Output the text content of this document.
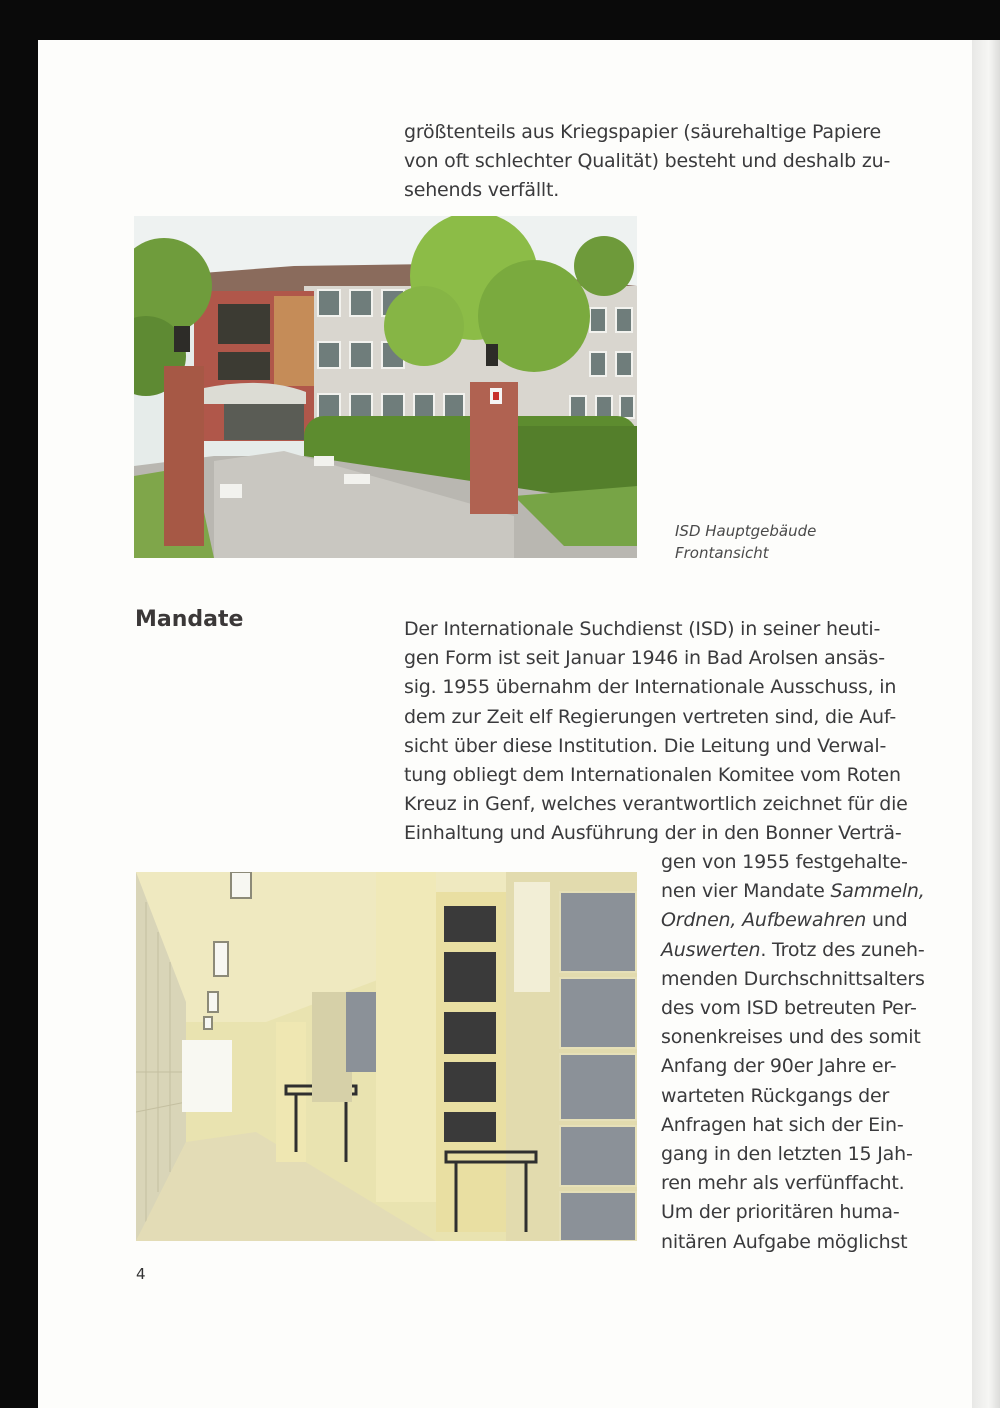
größtenteils aus Kriegspapier (säurehaltige Papiere
von oft schlechter Qualität) besteht und deshalb zu-
sehends verfällt.
ISD Hauptgebäude
Frontansicht
Mandate	Der Internationale Suchdienst (ISD) in seiner heuti-
gen Form ist seit Januar 1946 in Bad Arolsen ansäs-
sig. 1955 übernahm der Internationale Ausschuss, in
dem zur Zeit elf Regierungen vertreten sind, die Auf-
sicht über diese Institution. Die Leitung und Verwal-
tung obliegt dem Internationalen Komitee vom Roten
Kreuz in Genf, welches verantwortlich zeichnet für die
Einhaltung und Ausführung der in den Bonner Verträ-
gen von 1955 festgehalte-
nen vier Mandate Sammeln,
Ordnen, Aufbewahren und
Auswerten. Trotz des zuneh-
menden Durchschnittsalters
des vom ISD betreuten Per-
sonenkreises und des somit
Anfang der 90er Jahre er-
warteten Rückgangs der
Anfragen hat sich der Ein-
gang in den letzten 15 Jah-
ren mehr als verfünffacht.
Um der prioritären huma-
nitären Aufgabe möglichst
4
